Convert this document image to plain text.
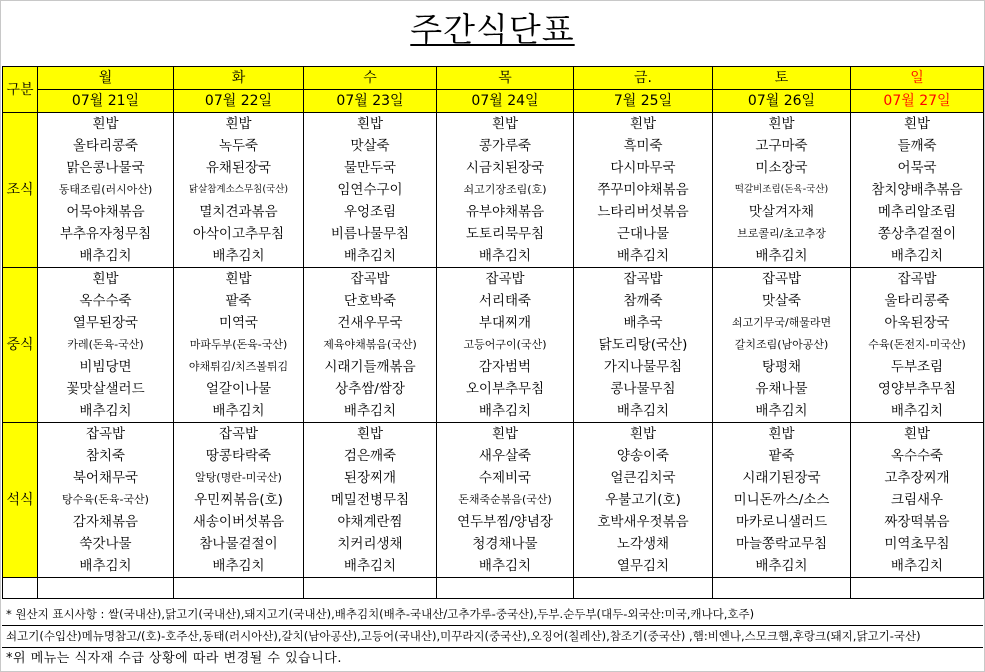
주간식단표
구분	월	화	수	목	금.	토	일
	07월 21일	07월 22일	07월 23일	07월 24일	7월 25일	07월 26일	07월 27일
조식	흰밥	흰밥	흰밥	흰밥	흰밥	흰밥	흰밥
	올타리콩죽	녹두죽	맛살죽	콩가루죽	흑미죽	고구마죽	들깨죽
	맑은콩나물국	유채된장국	물만두국	시금치된장국	다시마무국	미소장국	어묵국
	동태조림(러시아산)	닭살참계소스무침(국산)	임연수구이	쇠고기장조림(호)	쭈꾸미야채볶음	떡갈비조림(돈육-국산)	참치양배추볶음
	어묵야채볶음	멸치견과볶음	우엉조림	유부야채볶음	느타리버섯볶음	맛살겨자채	메추리알조림
	부추유자청무침	아삭이고추무침	비름나물무침	도토리묵무침	근대나물	브로콜리/초고추장	쫑상추겉절이
	배추김치	배추김치	배추김치	배추김치	배추김치	배추김치	배추김치
중식	흰밥	흰밥	잡곡밥	잡곡밥	잡곡밥	잡곡밥	잡곡밥
	옥수수죽	팥죽	단호박죽	서리태죽	참깨죽	맛살죽	울타리콩죽
	열무된장국	미역국	건새우무국	부대찌개	배추국	쇠고기무국/해물라면	아욱된장국
	카레(돈육-국산)	마파두부(돈육-국산)	제육야채볶음(국산)	고등어구이(국산)	닭도리탕(국산)	갈치조림(남아공산)	수육(돈전지-미국산)
	비빔당면	야채튀김/치즈볼튀김	시래기들깨볶음	감자범벅	가지나물무침	탕평채	두부조림
	꽃맛살샐러드	얼갈이나물	상추쌈/쌈장	오이부추무침	콩나물무침	유채나물	영양부추무침
	배추김치	배추김치	배추김치	배추김치	배추김치	배추김치	배추김치
석식	잡곡밥	잡곡밥	흰밥	흰밥	흰밥	흰밥	흰밥
	참치죽	땅콩타락죽	검은깨죽	새우살죽	양송이죽	팥죽	옥수수죽
	북어채무국	알탕(명란-미국산)	된장찌개	수제비국	얼큰김치국	시래기된장국	고추장찌개
	탕수육(돈육-국산)	우민찌볶음(호)	메밀전병무침	돈채죽순볶음(국산)	우불고기(호)	미니돈까스/소스	크림새우
	감자채볶음	새송이버섯볶음	야채계란찜	연두부찜/양념장	호박새우젓볶음	마카로니샐러드	짜장떡볶음
	쑥갓나물	참나물겉절이	치커리생채	청경채나물	노각생채	마늘쫑락교무침	미역초무침
	배추김치	배추김치	배추김치	배추김치	열무김치	배추김치	배추김치

* 원산지 표시사항 : 쌀(국내산),닭고기(국내산),돼지고기(국내산),배추김치(배추-국내산/고추가루-중국산),두부.순두부(대두-외국산:미국,캐나다,호주)
쇠고기(수입산)메뉴명참고/(호)-호주산,동태(러시아산),갈치(남아공산),고등어(국내산),미꾸라지(중국산),오징어(칠레산),참조기(중국산) ,햄:비엔나,스모크햄,후랑크(돼지,닭고기-국산)
*위 메뉴는 식자재 수급 상황에 따라 변경될 수 있습니다.
